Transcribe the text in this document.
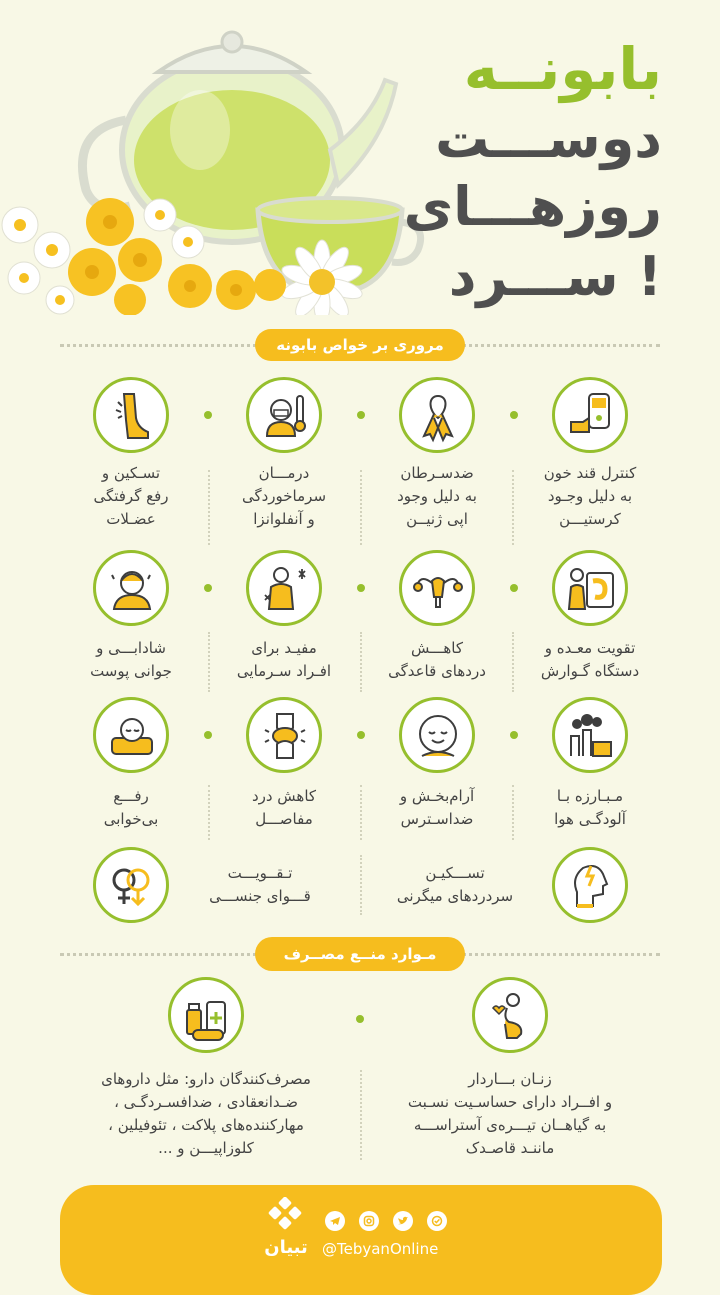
بابونــه
دوســـت
روزهـــای
ســـرد !
مروری بر خواص بابونه
کنترل قند خون
به دلیل وجـود
کرستیـــن
ضدسـرطان
به دلیل وجود
اپی ژنیــن
درمـــان
سرماخوردگی
و آنفلوانزا
تسـکین و
رفع گرفتگی
عضـلات
تقویت معـده و
دستگاه گـوارش
کاهـــش
دردهای قاعدگی
مفیـد برای
افـراد سـرمایی
شادابـــی و
جوانی پوست
مـبـارزه بـا
آلودگـی هوا
آرام‌بخـش و
ضداسـترس
کاهش درد
مفاصـــل
رفـــع
بی‌خوابی
تســـکیـن
سردردهای میگرنی
تـقــویـــت
قـــوای جنســـی
مـوارد منــع مصــرف
زنـان بـــاردار
و افــراد دارای حساسـیت نسـبت
به گیاهــان تیـــره‌ی آستراســـه
ماننـد قاصـدک
مصرف‌کنندگان دارو: مثل داروهای
ضـدانعقادی ، ضدافسـردگـی ،
مهارکننده‌های پلاکت ، تئوفیلین ،
کلوزاپیـــن و ...
تبیان @TebyanOnline
